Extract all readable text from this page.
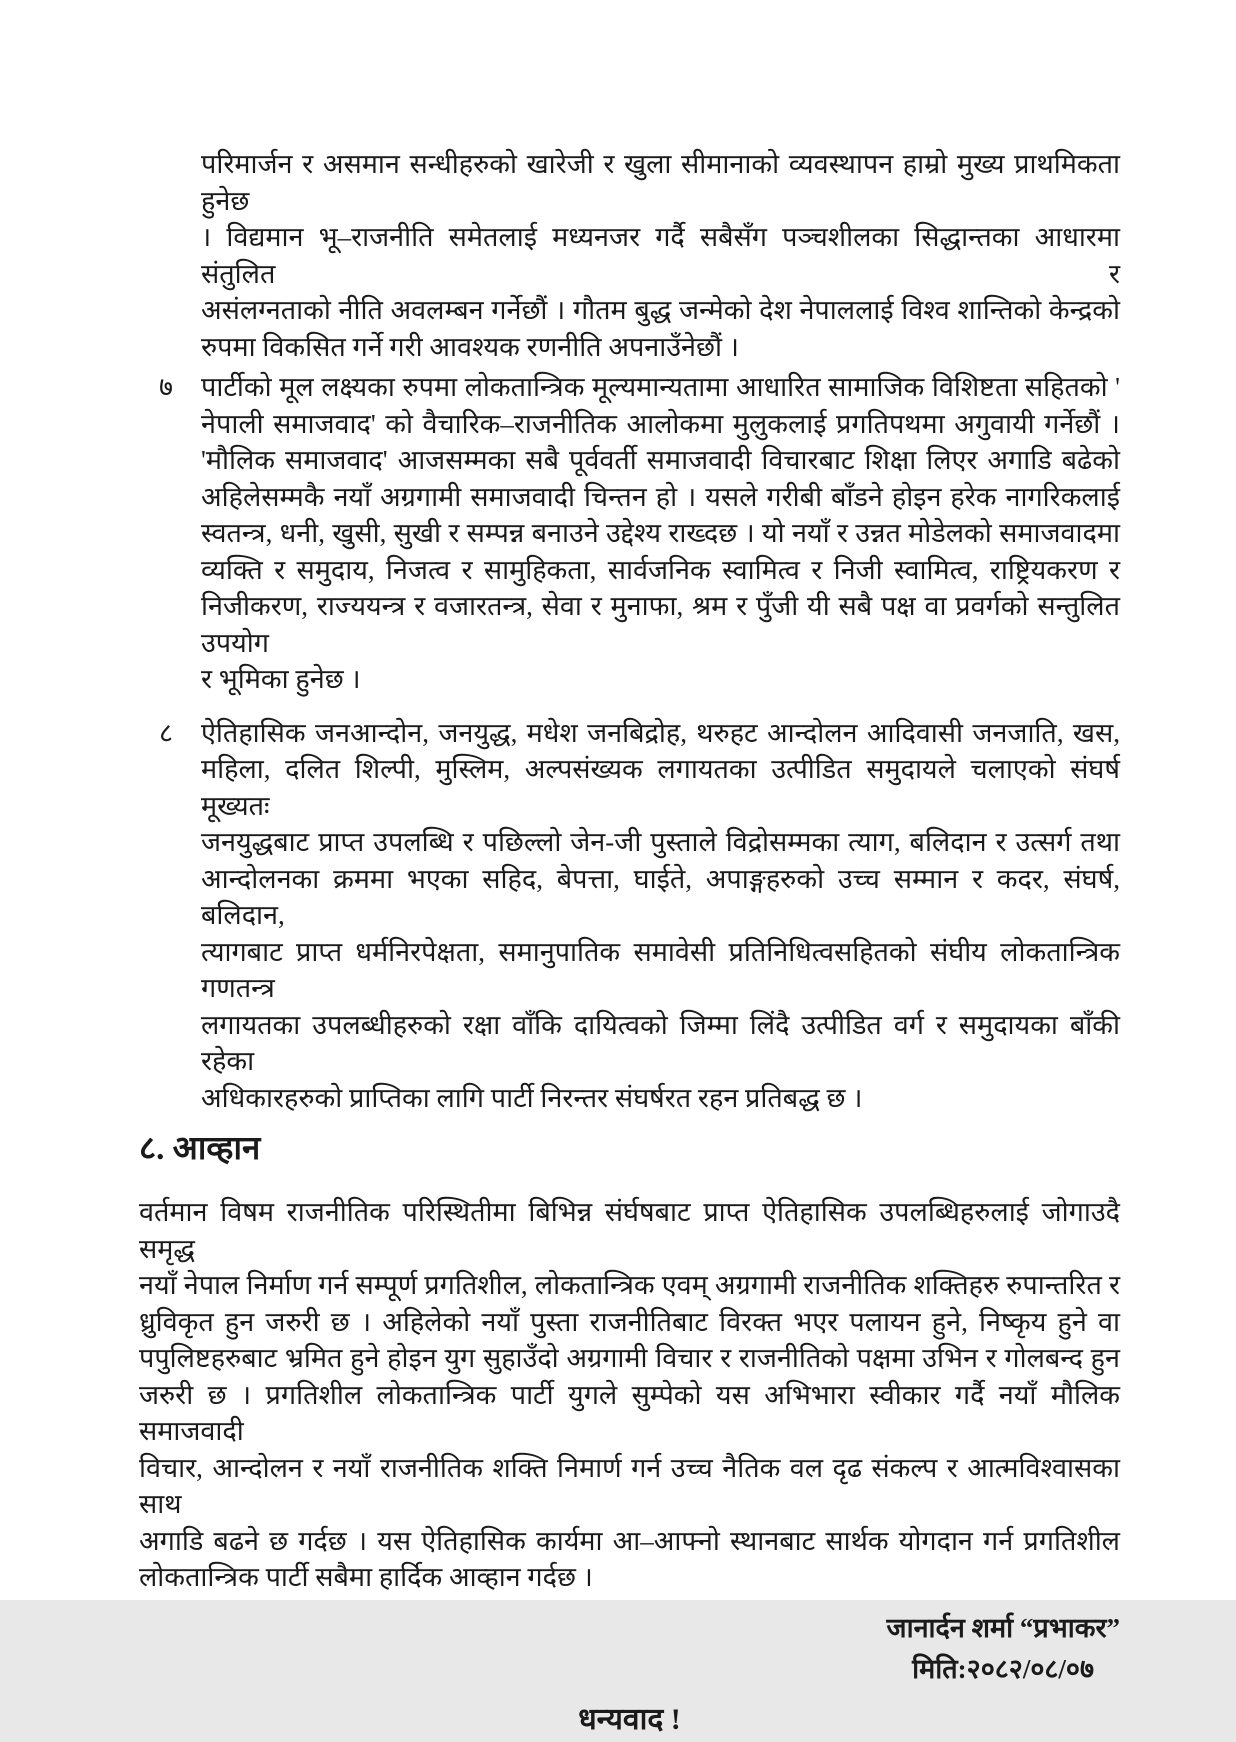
परिमार्जन र असमान सन्धीहरुको खारेजी र खुला सीमानाको व्यवस्थापन हाम्रो मुख्य प्राथमिकता हुनेछ
। विद्यमान भू–राजनीति समेतलाई मध्यनजर गर्दै सबैसँग पञ्चशीलका सिद्धान्तका आधारमा संतुलित र
असंलग्नताको नीति अवलम्बन गर्नेछौं । गौतम बुद्ध जन्मेको देश नेपाललाई विश्व शान्तिको केन्द्रको
रुपमा विकसित गर्ने गरी आवश्यक रणनीति अपनाउँनेछौं ।
७	पार्टीको मूल लक्ष्यका रुपमा लोकतान्त्रिक मूल्यमान्यतामा आधारित सामाजिक विशिष्टता सहितको '
नेपाली समाजवाद' को वैचारिक–राजनीतिक आलोकमा मुलुकलाई प्रगतिपथमा अगुवायी गर्नेछौं ।
'मौलिक समाजवाद' आजसम्मका सबै पूर्ववर्ती समाजवादी विचारबाट शिक्षा लिएर अगाडि बढेको
अहिलेसम्मकै नयाँ अग्रगामी समाजवादी चिन्तन हो । यसले गरीबी बाँडने होइन हरेक नागरिकलाई
स्वतन्त्र, धनी, खुसी, सुखी र सम्पन्न बनाउने उद्देश्य राख्दछ । यो नयाँ र उन्नत मोडेलको समाजवादमा
व्यक्ति र समुदाय, निजत्व र सामुहिकता, सार्वजनिक स्वामित्व र निजी स्वामित्व, राष्ट्रियकरण र
निजीकरण, राज्ययन्त्र र वजारतन्त्र, सेवा र मुनाफा, श्रम र पुँजी यी सबै पक्ष वा प्रवर्गको सन्तुलित उपयोग
र भूमिका हुनेछ ।
८	ऐतिहासिक जनआन्दोन, जनयुद्ध, मधेश जनबिद्रोह, थरुहट आन्दोलन आदिवासी जनजाति, खस,
महिला, दलित शिल्पी, मुस्लिम, अल्पसंख्यक लगायतका उत्पीडित समुदायले चलाएको संघर्ष मूख्यतः
जनयुद्धबाट प्राप्त उपलब्धि र पछिल्लो जेन-जी पुस्ताले विद्रोसम्मका त्याग, बलिदान र उत्सर्ग तथा
आन्दोलनका क्रममा भएका सहिद, बेपत्ता, घाईते, अपाङ्गहरुको उच्च सम्मान र कदर, संघर्ष, बलिदान,
त्यागबाट प्राप्त धर्मनिरपेक्षता, समानुपातिक समावेसी प्रतिनिधित्वसहितको संघीय लोकतान्त्रिक गणतन्त्र
लगायतका उपलब्धीहरुको रक्षा वाँकि दायित्वको जिम्मा लिंदै उत्पीडित वर्ग र समुदायका बाँकी रहेका
अधिकारहरुको प्राप्तिका लागि पार्टी निरन्तर संघर्षरत रहन प्रतिबद्ध छ ।
८. आव्हान
वर्तमान विषम राजनीतिक परिस्थितीमा बिभिन्न संर्घषबाट प्राप्त ऐतिहासिक उपलब्धिहरुलाई जोगाउदै समृद्ध
नयाँ नेपाल निर्माण गर्न सम्पूर्ण प्रगतिशील, लोकतान्त्रिक एवम् अग्रगामी राजनीतिक शक्तिहरु रुपान्तरित र
ध्रुविकृत हुन जरुरी छ । अहिलेको नयाँ पुस्ता राजनीतिबाट विरक्त भएर पलायन हुने, निष्कृय हुने वा
पपुलिष्टहरुबाट भ्रमित हुने होइन युग सुहाउँदो अग्रगामी विचार र राजनीतिको पक्षमा उभिन र गोलबन्द हुन
जरुरी छ । प्रगतिशील लोकतान्त्रिक पार्टी युगले सुम्पेको यस अभिभारा स्वीकार गर्दै नयाँ मौलिक समाजवादी
विचार, आन्दोलन र नयाँ राजनीतिक शक्ति निमार्ण गर्न उच्च नैतिक वल दृढ संकल्प र आत्मविश्वासका साथ
अगाडि बढने छ गर्दछ । यस ऐतिहासिक कार्यमा आ–आफ्नो स्थानबाट सार्थक योगदान गर्न प्रगतिशील
लोकतान्त्रिक पार्टी सबैमा हार्दिक आव्हान गर्दछ ।
जानार्दन शर्मा “प्रभाकर”
मिति:२०८२/०८/०७
धन्यवाद !
